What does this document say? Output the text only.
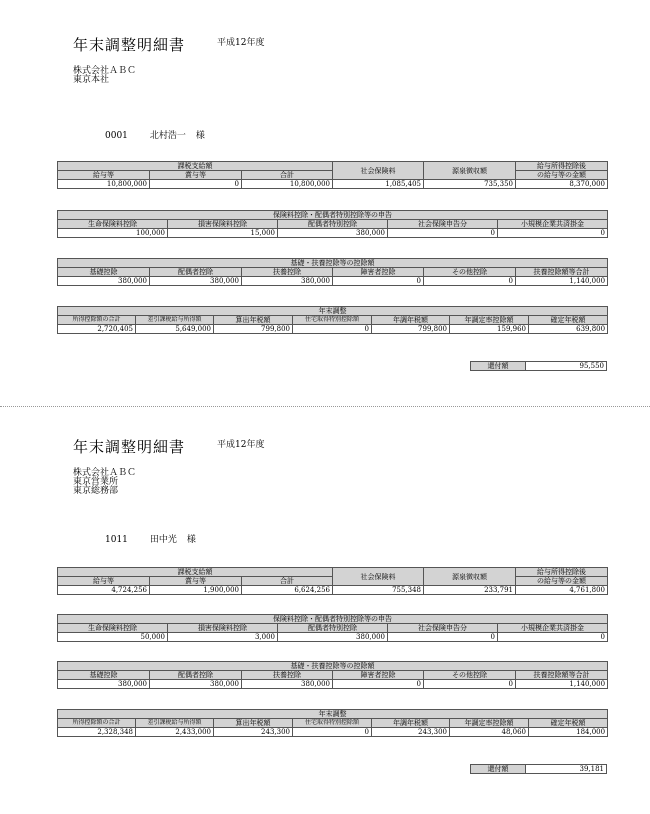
年末調整明細書	平成12年度
株式会社ＡＢＣ
東京本社
0001 北村浩一 様
課税支給額			社会保険料	源泉徴収額	給与所得控除後
給与等	賞与等	合計			の給与等の金額
10,800,000	0	10,800,000	1,085,405	735,350	8,370,000
保険料控除・配偶者特別控除等の申告				
生命保険料控除	損害保険料控除	配偶者特別控除	社会保険申告分	小規模企業共済掛金
100,000	15,000	380,000	0	0
基礎・扶養控除等の控除額					
基礎控除	配偶者控除	扶養控除	障害者控除	その他控除	扶養控除額等合計
380,000	380,000	380,000	0	0	1,140,000
年末調整						
所得控除額の合計	差引課税給与所得額	算出年税額	住宅取得特別控除額	年調年税額	年調定率控除額	確定年税額
2,720,405	5,649,000	799,800	0	799,800	159,960	639,800
還付額	95,550
年末調整明細書	平成12年度
株式会社ＡＢＣ
東京営業所
東京総務部
1011 田中光 様
課税支給額			社会保険料	源泉徴収額	給与所得控除後
給与等	賞与等	合計			の給与等の金額
4,724,256	1,900,000	6,624,256	755,348	233,791	4,761,800
保険料控除・配偶者特別控除等の申告				
生命保険料控除	損害保険料控除	配偶者特別控除	社会保険申告分	小規模企業共済掛金
50,000	3,000	380,000	0	0
基礎・扶養控除等の控除額					
基礎控除	配偶者控除	扶養控除	障害者控除	その他控除	扶養控除額等合計
380,000	380,000	380,000	0	0	1,140,000
年末調整						
所得控除額の合計	差引課税給与所得額	算出年税額	住宅取得特別控除額	年調年税額	年調定率控除額	確定年税額
2,328,348	2,433,000	243,300	0	243,300	48,060	184,000
還付額	39,181
